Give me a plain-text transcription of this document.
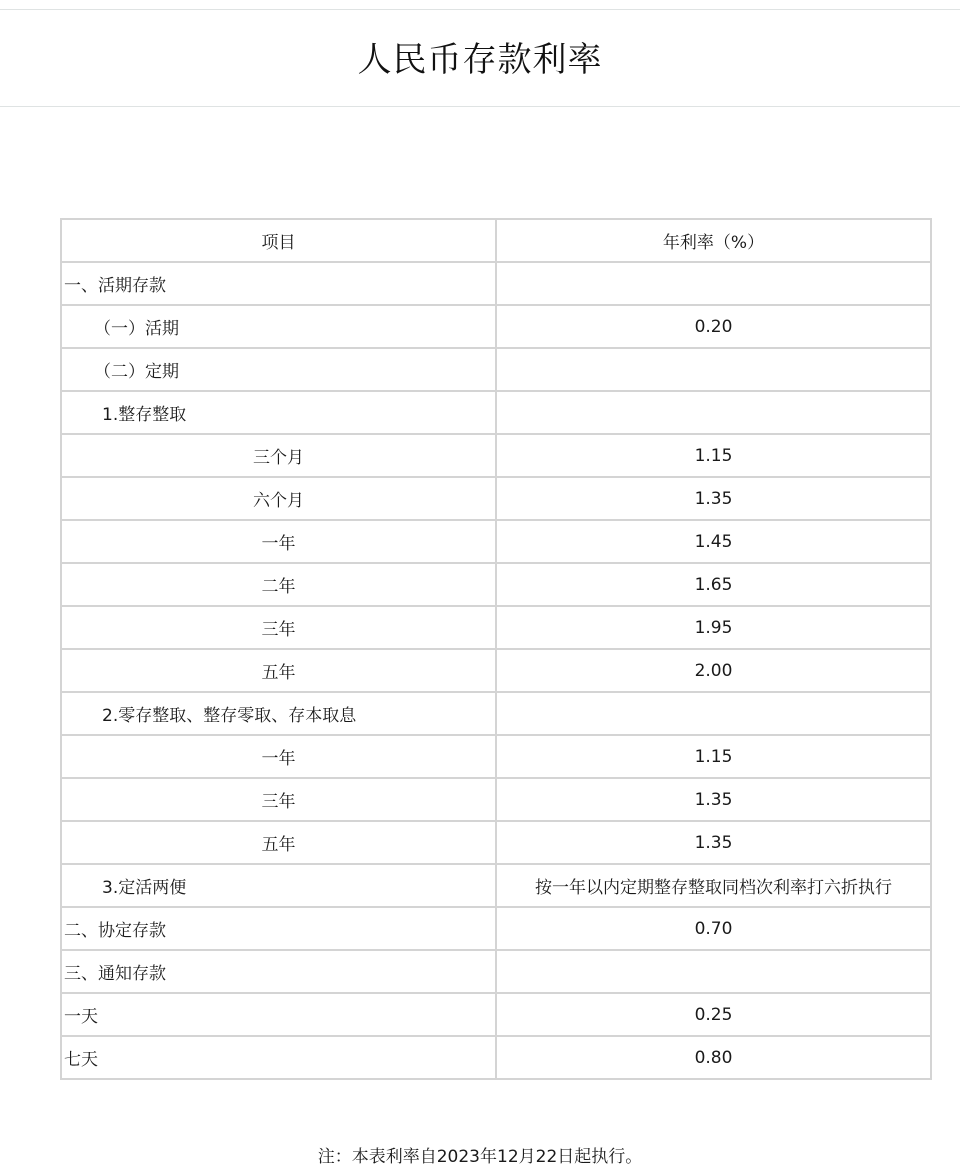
人民币存款利率
项目	年利率（%）
一、活期存款	
（一）活期	0.20
（二）定期	
1.整存整取	
三个月	1.15
六个月	1.35
一年	1.45
二年	1.65
三年	1.95
五年	2.00
2.零存整取、整存零取、存本取息	
一年	1.15
三年	1.35
五年	1.35
3.定活两便	按一年以内定期整存整取同档次利率打六折执行
二、协定存款	0.70
三、通知存款	
一天	0.25
七天	0.80
注：本表利率自2023年12月22日起执行。
